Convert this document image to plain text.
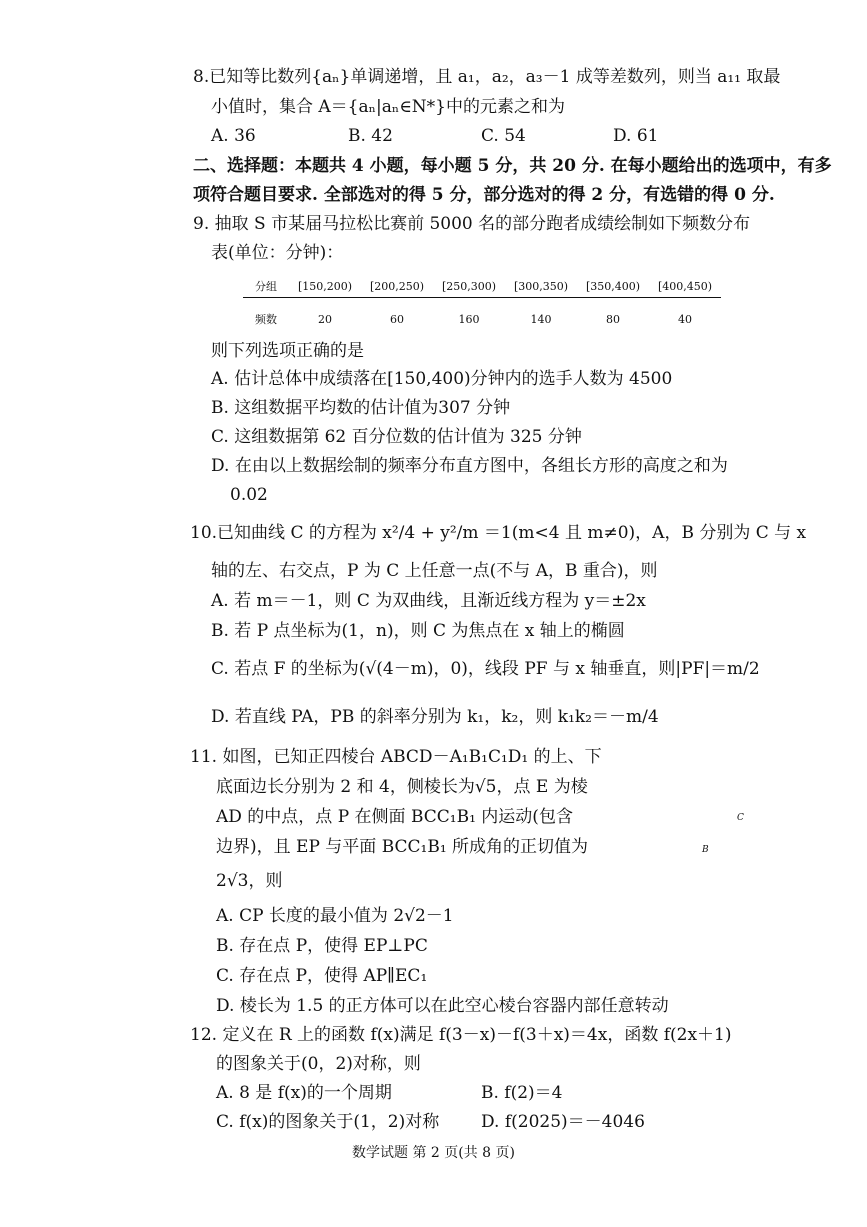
8.已知等比数列{aₙ}单调递增，且 a₁，a₂，a₃－1 成等差数列，则当 a₁₁ 取最
小值时，集合 A＝{aₙ|aₙ∈N*}中的元素之和为
A. 36	B. 42	C. 54	D. 61
二、选择题：本题共 4 小题，每小题 5 分，共 20 分. 在每小题给出的选项中，有多
项符合题目要求. 全部选对的得 5 分，部分选对的得 2 分，有选错的得 0 分.
9. 抽取 S 市某届马拉松比赛前 5000 名的部分跑者成绩绘制如下频数分布
表(单位：分钟)：
分组	[150,200)	[200,250)	[250,300)	[300,350)	[350,400)	[400,450)
频数	20	60	160	140	80	40
则下列选项正确的是
A. 估计总体中成绩落在[150,400)分钟内的选手人数为 4500
B. 这组数据平均数的估计值为307 分钟
C. 这组数据第 62 百分位数的估计值为 325 分钟
D. 在由以上数据绘制的频率分布直方图中，各组长方形的高度之和为
0.02
10.已知曲线 C 的方程为 x²/4 + y²/m ＝1(m<4 且 m≠0)，A，B 分别为 C 与 x
轴的左、右交点，P 为 C 上任意一点(不与 A，B 重合)，则
A. 若 m＝－1，则 C 为双曲线，且渐近线方程为 y＝±2x
B. 若 P 点坐标为(1，n)，则 C 为焦点在 x 轴上的椭圆
C. 若点 F 的坐标为(√(4－m)，0)，线段 PF 与 x 轴垂直，则|PF|＝m/2
D. 若直线 PA，PB 的斜率分别为 k₁，k₂，则 k₁k₂＝－m/4
11. 如图，已知正四棱台 ABCD－A₁B₁C₁D₁ 的上、下
底面边长分别为 2 和 4，侧棱长为√5，点 E 为棱
AD 的中点，点 P 在侧面 BCC₁B₁ 内运动(包含
边界)，且 EP 与平面 BCC₁B₁ 所成角的正切值为
2√3，则
C
B
A. CP 长度的最小值为 2√2－1
B. 存在点 P，使得 EP⊥PC
C. 存在点 P，使得 AP∥EC₁
D. 棱长为 1.5 的正方体可以在此空心棱台容器内部任意转动
12. 定义在 R 上的函数 f(x)满足 f(3－x)－f(3＋x)＝4x，函数 f(2x＋1)
的图象关于(0，2)对称，则
A. 8 是 f(x)的一个周期	B. f(2)＝4
C. f(x)的图象关于(1，2)对称 D. f(2025)＝－4046
数学试题 第 2 页(共 8 页)
